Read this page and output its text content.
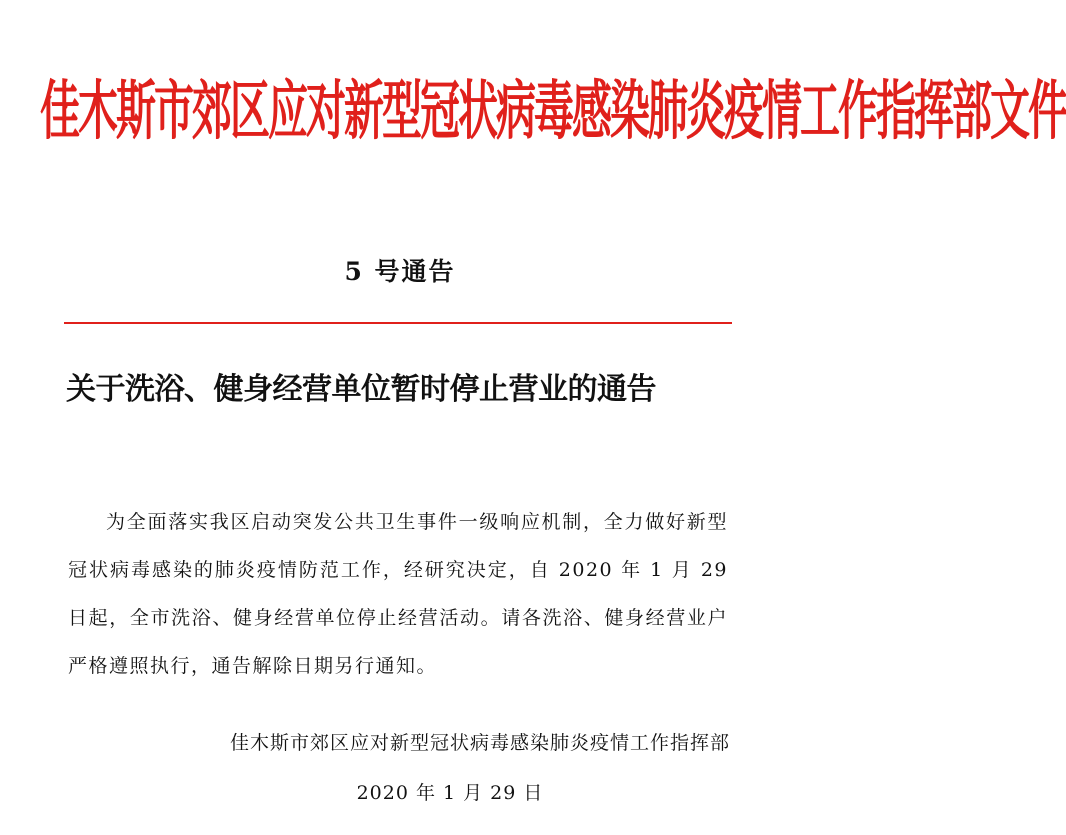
佳木斯市郊区应对新型冠状病毒感染肺炎疫情工作指挥部文件
5 号通告
关于洗浴、健身经营单位暂时停止营业的通告
为全面落实我区启动突发公共卫生事件一级响应机制，全力做好新型冠状病毒感染的肺炎疫情防范工作，经研究决定，自 2020 年 1 月 29 日起，全市洗浴、健身经营单位停止经营活动。请各洗浴、健身经营业户严格遵照执行，通告解除日期另行通知。
佳木斯市郊区应对新型冠状病毒感染肺炎疫情工作指挥部
2020 年 1 月 29 日
